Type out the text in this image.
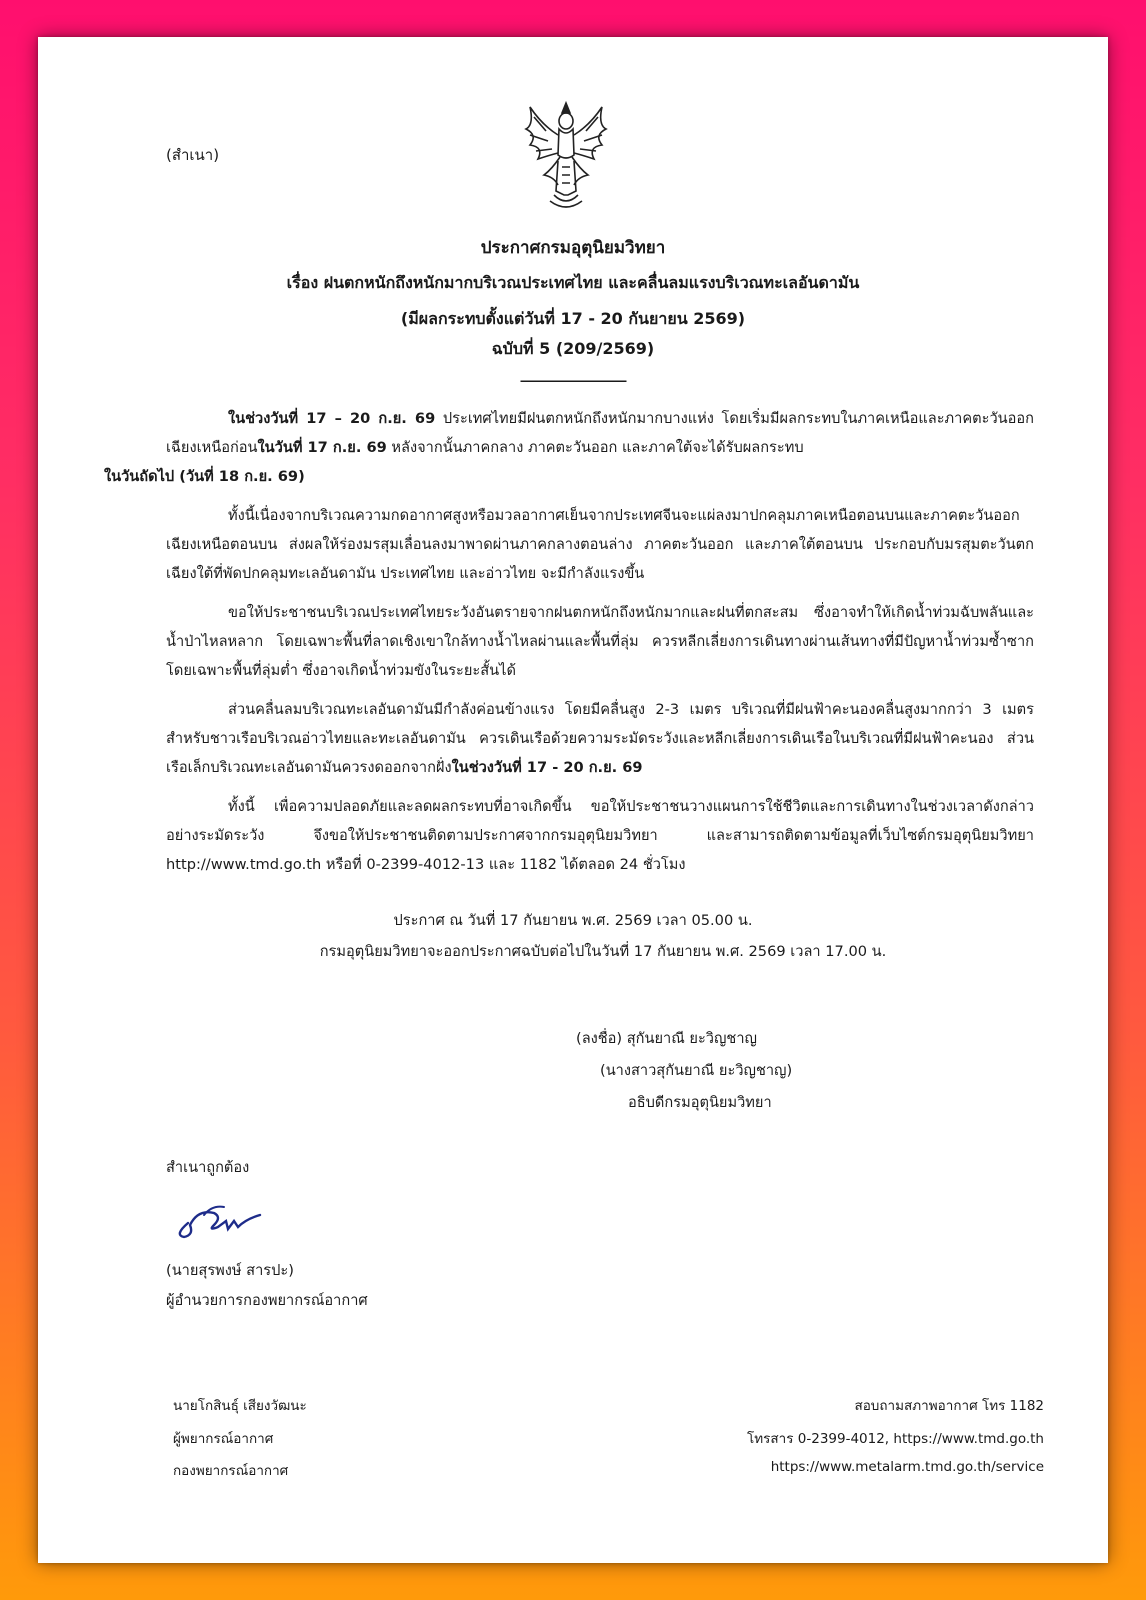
(สำเนา)
ประกาศกรมอุตุนิยมวิทยา
เรื่อง ฝนตกหนักถึงหนักมากบริเวณประเทศไทย และคลื่นลมแรงบริเวณทะเลอันดามัน
(มีผลกระทบตั้งแต่วันที่ 17 - 20 กันยายน 2569)
ฉบับที่ 5 (209/2569)
_______________
ในช่วงวันที่ 17 – 20 ก.ย. 69 ประเทศไทยมีฝนตกหนักถึงหนักมากบางแห่ง โดยเริ่มมีผลกระทบในภาคเหนือและภาคตะวันออกเฉียงเหนือก่อนในวันที่ 17 ก.ย. 69 หลังจากนั้นภาคกลาง ภาคตะวันออก และภาคใต้จะได้รับผลกระทบ
ในวันถัดไป (วันที่ 18 ก.ย. 69)
ทั้งนี้เนื่องจากบริเวณความกดอากาศสูงหรือมวลอากาศเย็นจากประเทศจีนจะแผ่ลงมาปกคลุมภาคเหนือตอนบนและภาคตะวันออกเฉียงเหนือตอนบน ส่งผลให้ร่องมรสุมเลื่อนลงมาพาดผ่านภาคกลางตอนล่าง ภาคตะวันออก และภาคใต้ตอนบน ประกอบกับมรสุมตะวันตกเฉียงใต้ที่พัดปกคลุมทะเลอันดามัน ประเทศไทย และอ่าวไทย จะมีกำลังแรงขึ้น
ขอให้ประชาชนบริเวณประเทศไทยระวังอันตรายจากฝนตกหนักถึงหนักมากและฝนที่ตกสะสม ซึ่งอาจทำให้เกิดน้ำท่วมฉับพลันและน้ำป่าไหลหลาก โดยเฉพาะพื้นที่ลาดเชิงเขาใกล้ทางน้ำไหลผ่านและพื้นที่ลุ่ม ควรหลีกเลี่ยงการเดินทางผ่านเส้นทางที่มีปัญหาน้ำท่วมซ้ำซาก โดยเฉพาะพื้นที่ลุ่มต่ำ ซึ่งอาจเกิดน้ำท่วมขังในระยะสั้นได้
ส่วนคลื่นลมบริเวณทะเลอันดามันมีกำลังค่อนข้างแรง โดยมีคลื่นสูง 2-3 เมตร บริเวณที่มีฝนฟ้าคะนองคลื่นสูงมากกว่า 3 เมตร สำหรับชาวเรือบริเวณอ่าวไทยและทะเลอันดามัน ควรเดินเรือด้วยความระมัดระวังและหลีกเลี่ยงการเดินเรือในบริเวณที่มีฝนฟ้าคะนอง ส่วนเรือเล็กบริเวณทะเลอันดามันควรงดออกจากฝั่งในช่วงวันที่ 17 - 20 ก.ย. 69
ทั้งนี้ เพื่อความปลอดภัยและลดผลกระทบที่อาจเกิดขึ้น ขอให้ประชาชนวางแผนการใช้ชีวิตและการเดินทางในช่วงเวลาดังกล่าวอย่างระมัดระวัง จึงขอให้ประชาชนติดตามประกาศจากกรมอุตุนิยมวิทยา และสามารถติดตามข้อมูลที่เว็บไซต์กรมอุตุนิยมวิทยา http://www.tmd.go.th หรือที่ 0-2399-4012-13 และ 1182 ได้ตลอด 24 ชั่วโมง
ประกาศ ณ วันที่ 17 กันยายน พ.ศ. 2569 เวลา 05.00 น.
กรมอุตุนิยมวิทยาจะออกประกาศฉบับต่อไปในวันที่ 17 กันยายน พ.ศ. 2569 เวลา 17.00 น.
(ลงชื่อ) สุกันยาณี ยะวิญชาญ
(นางสาวสุกันยาณี ยะวิญชาญ)
อธิบดีกรมอุตุนิยมวิทยา
สำเนาถูกต้อง
(นายสุรพงษ์ สารปะ)
ผู้อำนวยการกองพยากรณ์อากาศ
นายโกสินธุ์ เสียงวัฒนะ
ผู้พยากรณ์อากาศ
กองพยากรณ์อากาศ
สอบถามสภาพอากาศ โทร 1182
โทรสาร 0-2399-4012, https://www.tmd.go.th
https://www.metalarm.tmd.go.th/service
